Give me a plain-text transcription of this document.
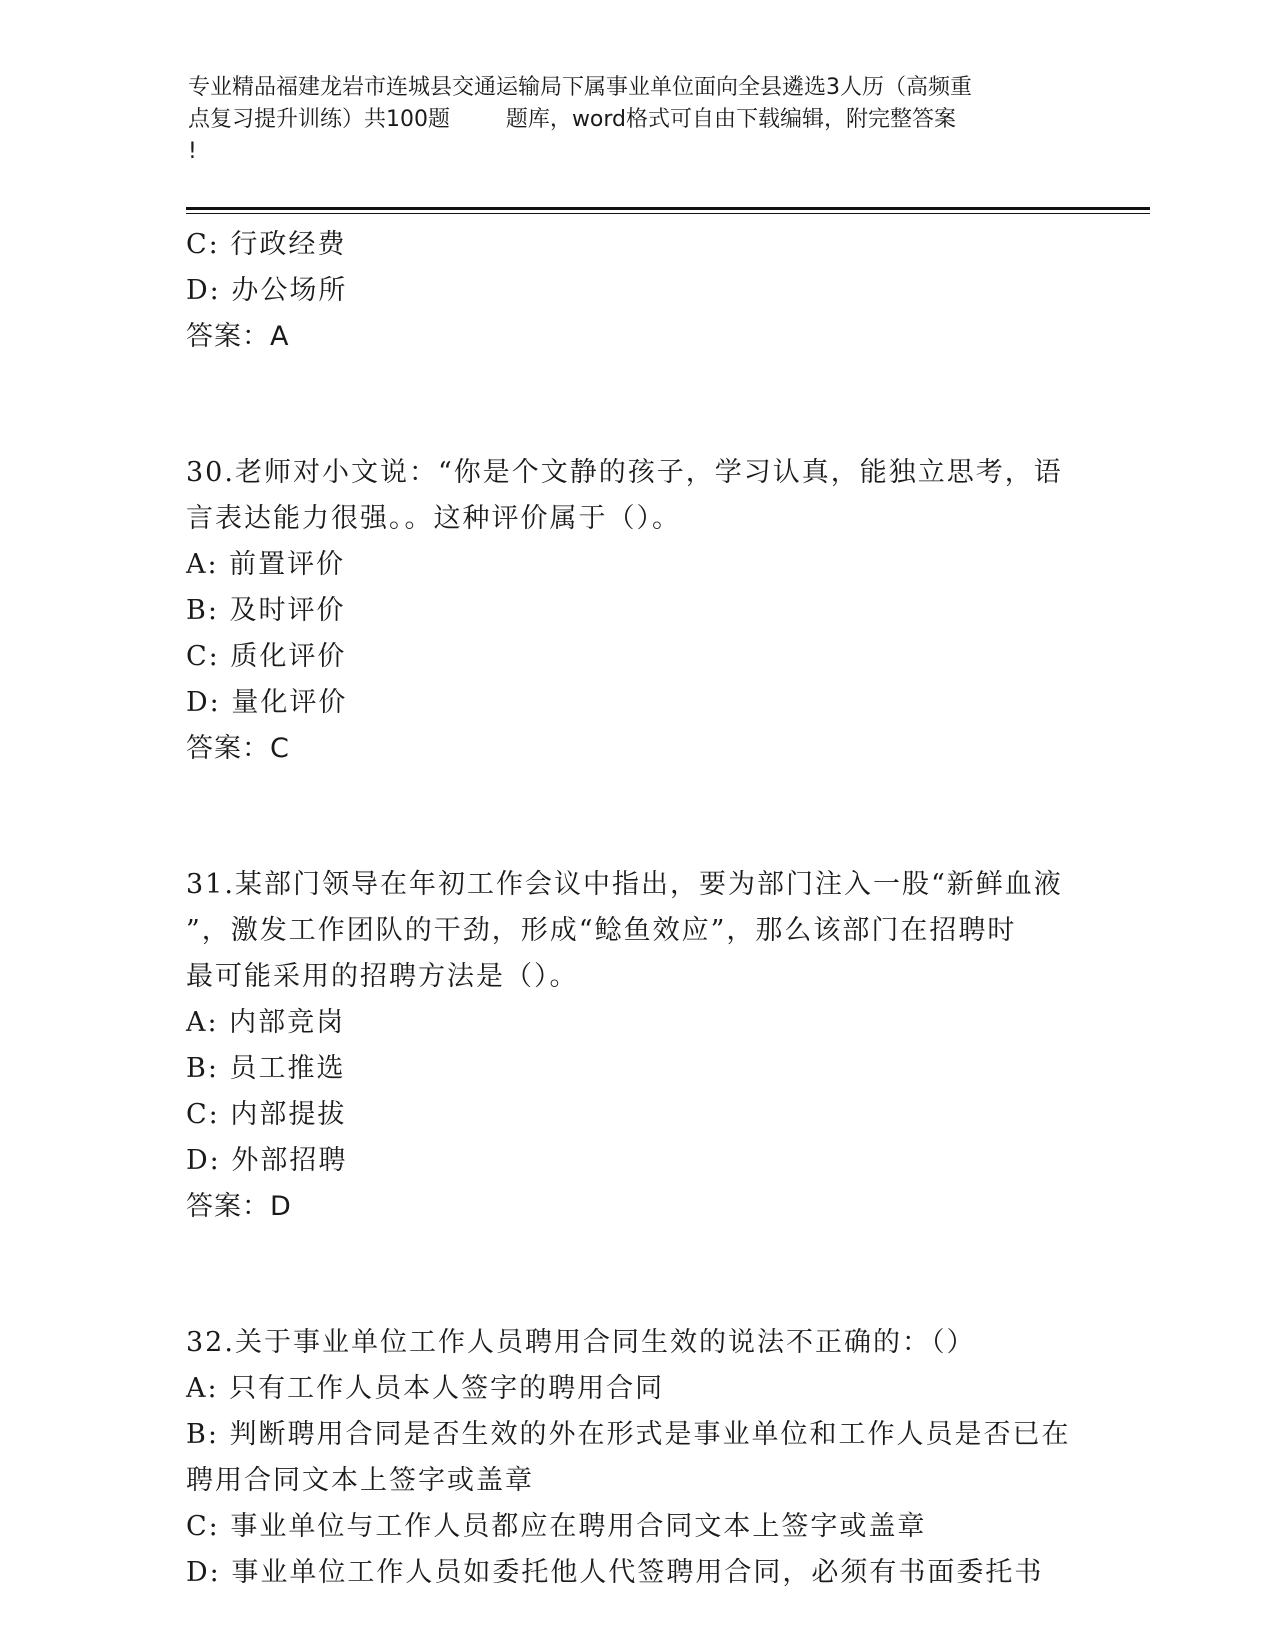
专业精品福建龙岩市连城县交通运输局下属事业单位面向全县遴选3人历（高频重
点复习提升训练）共100题        题库，word格式可自由下载编辑，附完整答案
!
C: 行政经费
D: 办公场所
答案：A
30.老师对小文说：“你是个文静的孩子，学习认真，能独立思考，语
言表达能力很强。。这种评价属于（）。
A: 前置评价
B: 及时评价
C: 质化评价
D: 量化评价
答案：C
31.某部门领导在年初工作会议中指出，要为部门注入一股“新鲜血液
”，激发工作团队的干劲，形成“鲶鱼效应”，那么该部门在招聘时
最可能采用的招聘方法是（）。
A: 内部竞岗
B: 员工推选
C: 内部提拔
D: 外部招聘
答案：D
32.关于事业单位工作人员聘用合同生效的说法不正确的：（）
A: 只有工作人员本人签字的聘用合同
B: 判断聘用合同是否生效的外在形式是事业单位和工作人员是否已在
聘用合同文本上签字或盖章
C: 事业单位与工作人员都应在聘用合同文本上签字或盖章
D: 事业单位工作人员如委托他人代签聘用合同，必须有书面委托书
